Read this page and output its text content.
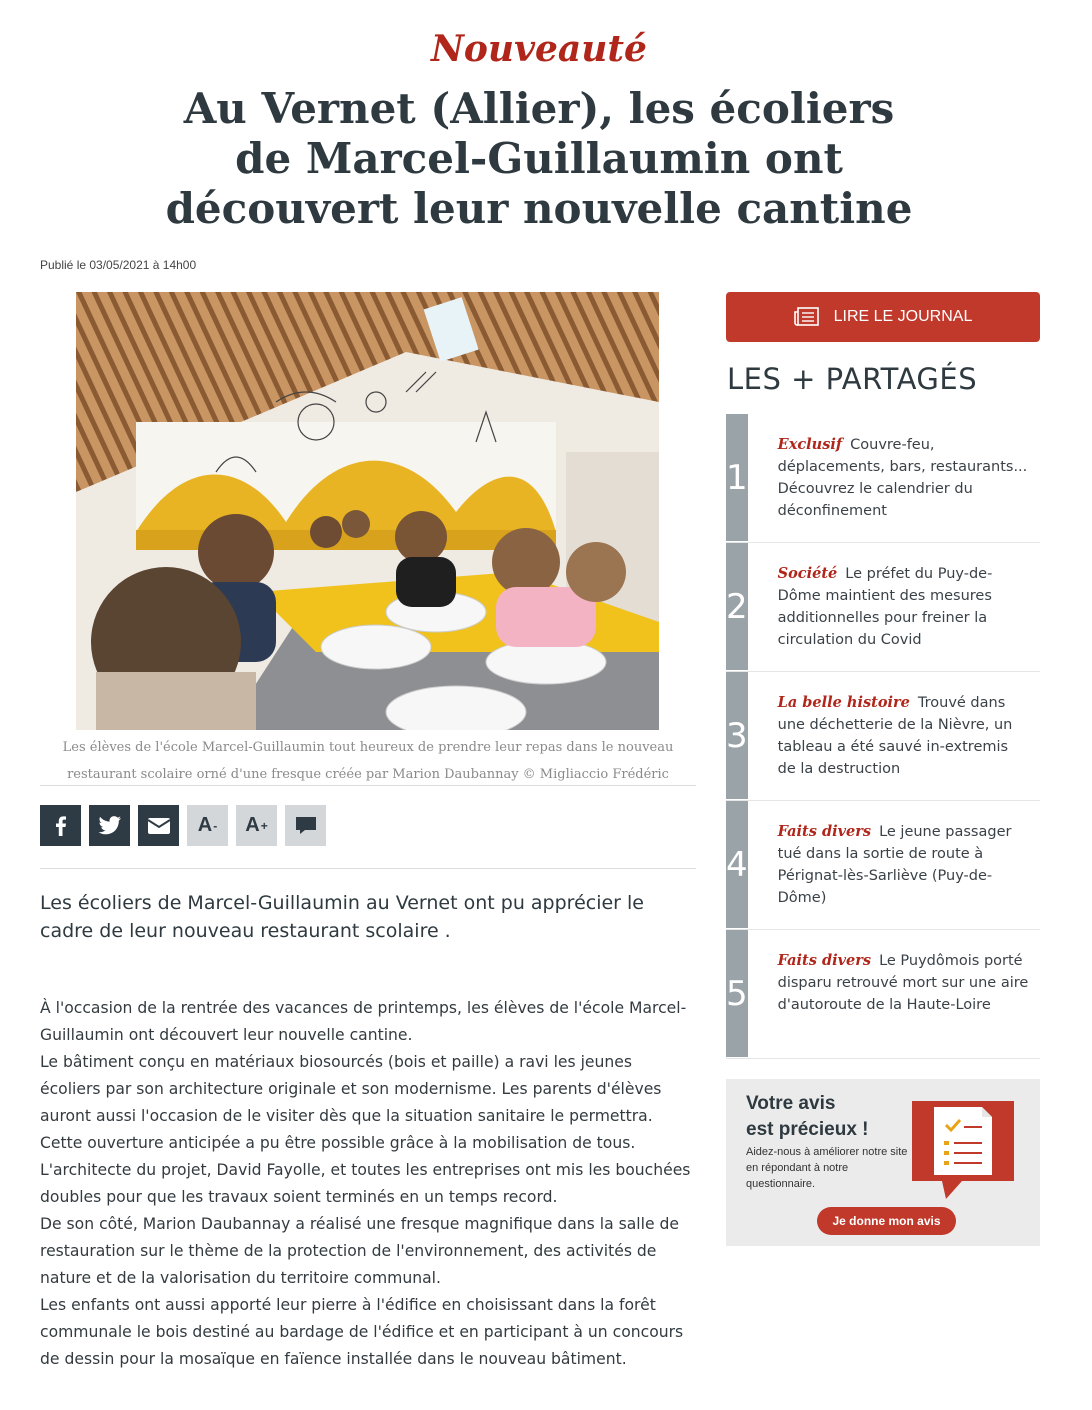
Nouveauté
Au Vernet (Allier), les écoliers de Marcel-Guillaumin ont découvert leur nouvelle cantine
Publié le 03/05/2021 à 14h00
Les élèves de l'école Marcel-Guillaumin tout heureux de prendre leur repas dans le nouveau restaurant scolaire orné d'une fresque créée par Marion Daubannay © Migliaccio Frédéric
A - A +
Les écoliers de Marcel-Guillaumin au Vernet ont pu apprécier le cadre de leur nouveau restaurant scolaire .

À l'occasion de la rentrée des vacances de printemps, les élèves de l'école Marcel-Guillaumin ont découvert leur nouvelle cantine.

Le bâtiment conçu en matériaux biosourcés (bois et paille) a ravi les jeunes écoliers par son architecture originale et son modernisme. Les parents d'élèves auront aussi l'occasion de le visiter dès que la situation sanitaire le permettra.

Cette ouverture anticipée a pu être possible grâce à la mobilisation de tous. L'architecte du projet, David Fayolle, et toutes les entreprises ont mis les bouchées doubles pour que les travaux soient terminés en un temps record.

De son côté, Marion Daubannay a réalisé une fresque magnifique dans la salle de restauration sur le thème de la protection de l'environnement, des activités de nature et de la valorisation du territoire communal.

Les enfants ont aussi apporté leur pierre à l'édifice en choisissant dans la forêt communale le bois destiné au bardage de l'édifice et en participant à un concours de dessin pour la mosaïque en faïence installée dans le nouveau bâtiment.

LIRE LE JOURNAL
LES + PARTAGÉS
1
Exclusif Couvre-feu, déplacements, bars, restaurants... Découvrez le calendrier du déconfinement
2
Société Le préfet du Puy-de-Dôme maintient des mesures additionnelles pour freiner la circulation du Covid
3
La belle histoire Trouvé dans une déchetterie de la Nièvre, un tableau a été sauvé in-extremis de la destruction
4
Faits divers Le jeune passager tué dans la sortie de route à Pérignat-lès-Sarliève (Puy-de-Dôme)
5
Faits divers Le Puydômois porté disparu retrouvé mort sur une aire d'autoroute de la Haute-Loire
Votre avis
est précieux !
Aidez-nous à améliorer notre site en répondant à notre questionnaire.
Je donne mon avis
